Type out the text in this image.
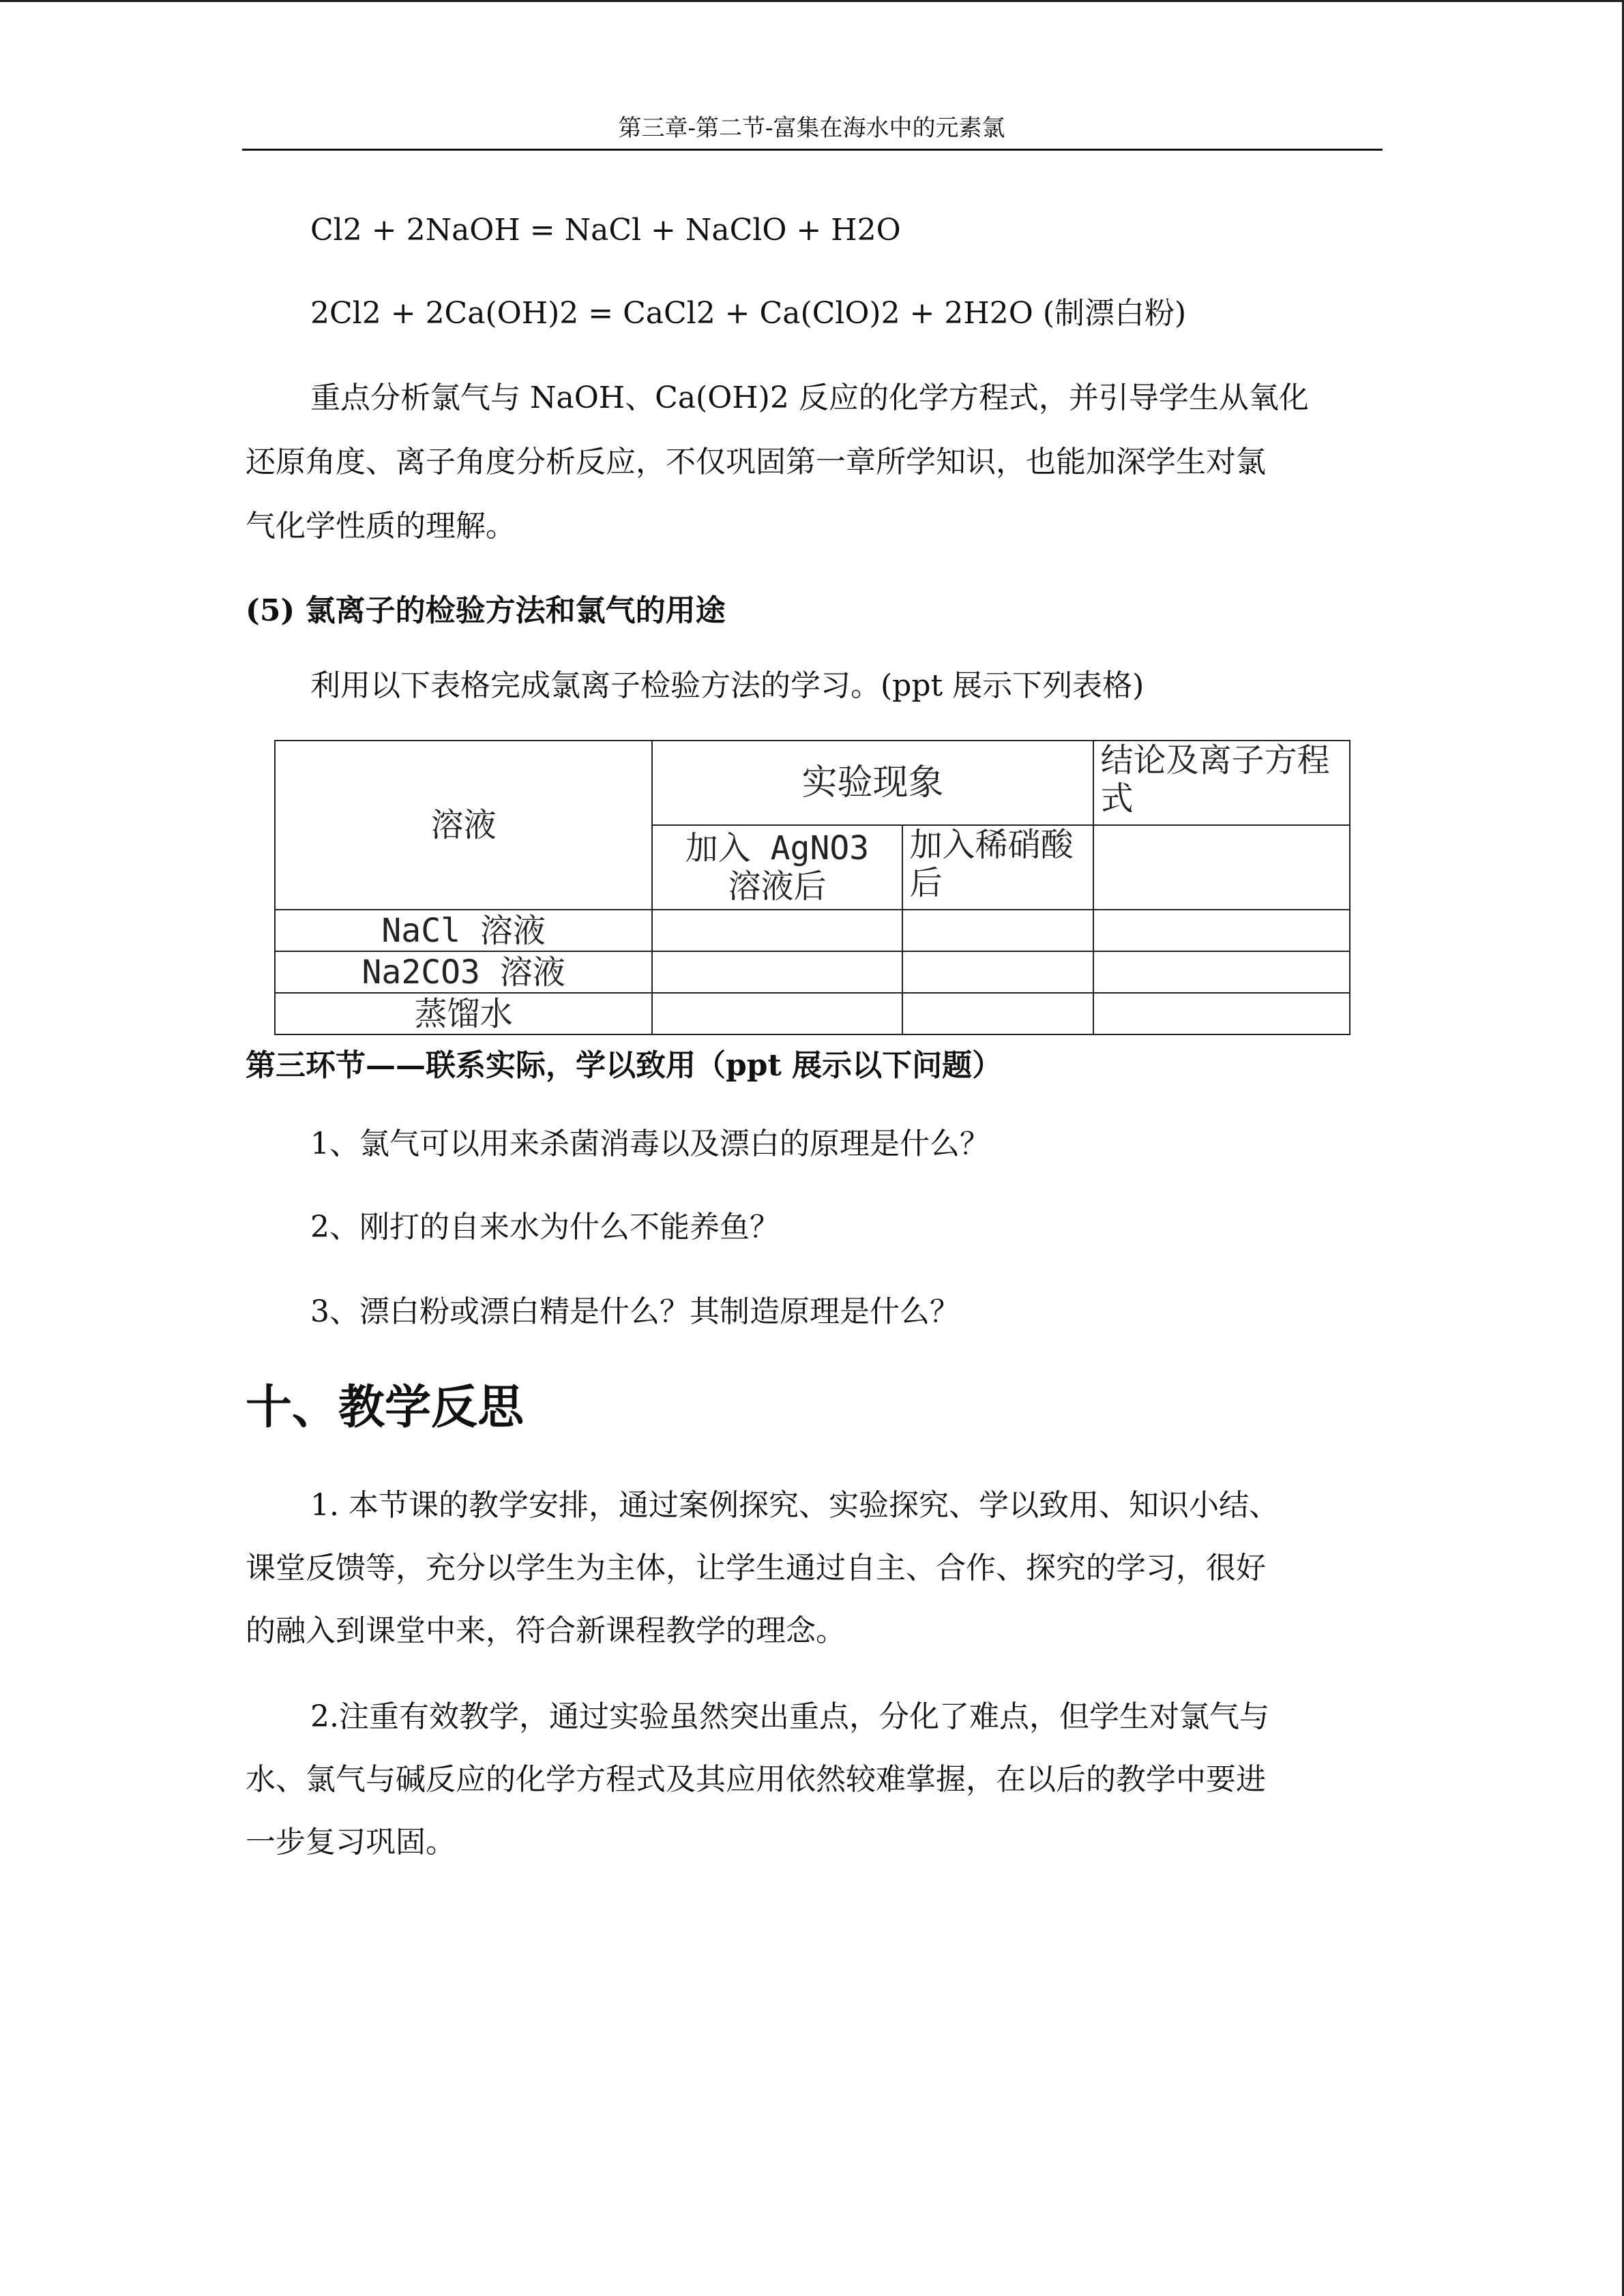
第三章-第二节-富集在海水中的元素氯
Cl2 + 2NaOH = NaCl + NaClO + H2O
2Cl2 + 2Ca(OH)2 = CaCl2 + Ca(ClO)2 + 2H2O (制漂白粉)
重点分析氯气与 NaOH、Ca(OH)2 反应的化学方程式，并引导学生从氧化
还原角度、离子角度分析反应，不仅巩固第一章所学知识，也能加深学生对氯
气化学性质的理解。
(5) 氯离子的检验方法和氯气的用途
利用以下表格完成氯离子检验方法的学习。(ppt 展示下列表格)
溶液	实验现象		结论及离子方程式
	加入 AgNO3 溶液后	加入稀硝酸后	
NaCl 溶液			
Na2CO3 溶液			
蒸馏水			
第三环节——联系实际，学以致用（ppt 展示以下问题）
1、氯气可以用来杀菌消毒以及漂白的原理是什么？
2、刚打的自来水为什么不能养鱼？
3、漂白粉或漂白精是什么？其制造原理是什么？
十、教学反思
1. 本节课的教学安排，通过案例探究、实验探究、学以致用、知识小结、
课堂反馈等，充分以学生为主体，让学生通过自主、合作、探究的学习，很好
的融入到课堂中来，符合新课程教学的理念。
2.注重有效教学，通过实验虽然突出重点，分化了难点，但学生对氯气与
水、氯气与碱反应的化学方程式及其应用依然较难掌握，在以后的教学中要进
一步复习巩固。
